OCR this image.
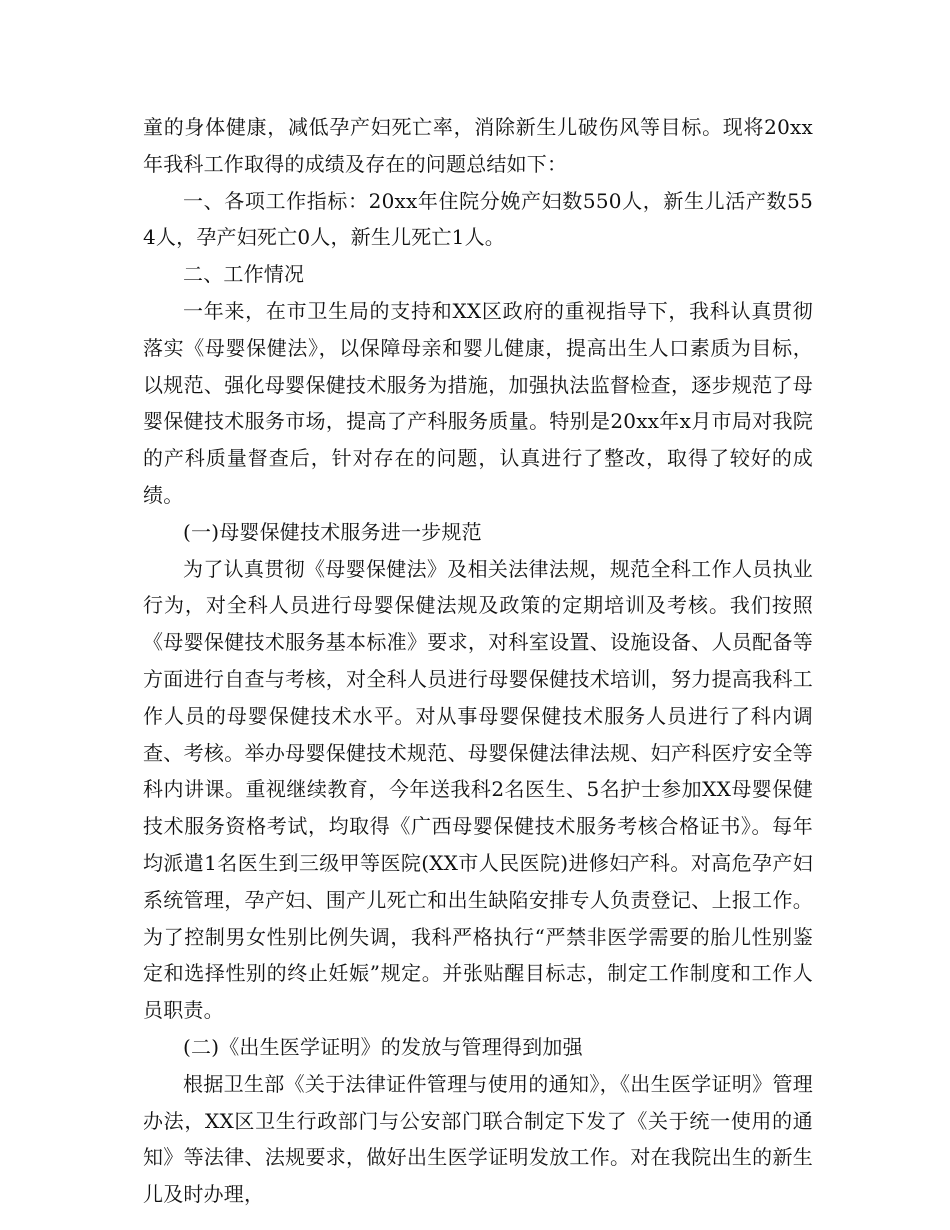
童的身体健康，减低孕产妇死亡率，消除新生儿破伤风等目标。现将20xx年我科工作取得的成绩及存在的问题总结如下：

一、各项工作指标：20xx年住院分娩产妇数550人，新生儿活产数554人，孕产妇死亡0人，新生儿死亡1人。

二、工作情况

一年来，在市卫生局的支持和XX区政府的重视指导下，我科认真贯彻落实《母婴保健法》，以保障母亲和婴儿健康，提高出生人口素质为目标，以规范、强化母婴保健技术服务为措施，加强执法监督检查，逐步规范了母婴保健技术服务市场，提高了产科服务质量。特别是20xx年x月市局对我院的产科质量督查后，针对存在的问题，认真进行了整改，取得了较好的成绩。

(一)母婴保健技术服务进一步规范

为了认真贯彻《母婴保健法》及相关法律法规，规范全科工作人员执业行为，对全科人员进行母婴保健法规及政策的定期培训及考核。我们按照《母婴保健技术服务基本标准》要求，对科室设置、设施设备、人员配备等方面进行自查与考核，对全科人员进行母婴保健技术培训，努力提高我科工作人员的母婴保健技术水平。对从事母婴保健技术服务人员进行了科内调查、考核。举办母婴保健技术规范、母婴保健法律法规、妇产科医疗安全等科内讲课。重视继续教育，今年送我科2名医生、5名护士参加XX母婴保健技术服务资格考试，均取得《广西母婴保健技术服务考核合格证书》。每年均派遣1名医生到三级甲等医院(XX市人民医院)进修妇产科。对高危孕产妇系统管理，孕产妇、围产儿死亡和出生缺陷安排专人负责登记、上报工作。为了控制男女性别比例失调，我科严格执行“严禁非医学需要的胎儿性别鉴定和选择性别的终止妊娠”规定。并张贴醒目标志，制定工作制度和工作人员职责。

(二)《出生医学证明》的发放与管理得到加强

根据卫生部《关于法律证件管理与使用的通知》，《出生医学证明》管理办法，XX区卫生行政部门与公安部门联合制定下发了《关于统一使用的通知》等法律、法规要求，做好出生医学证明发放工作。对在我院出生的新生儿及时办理，
